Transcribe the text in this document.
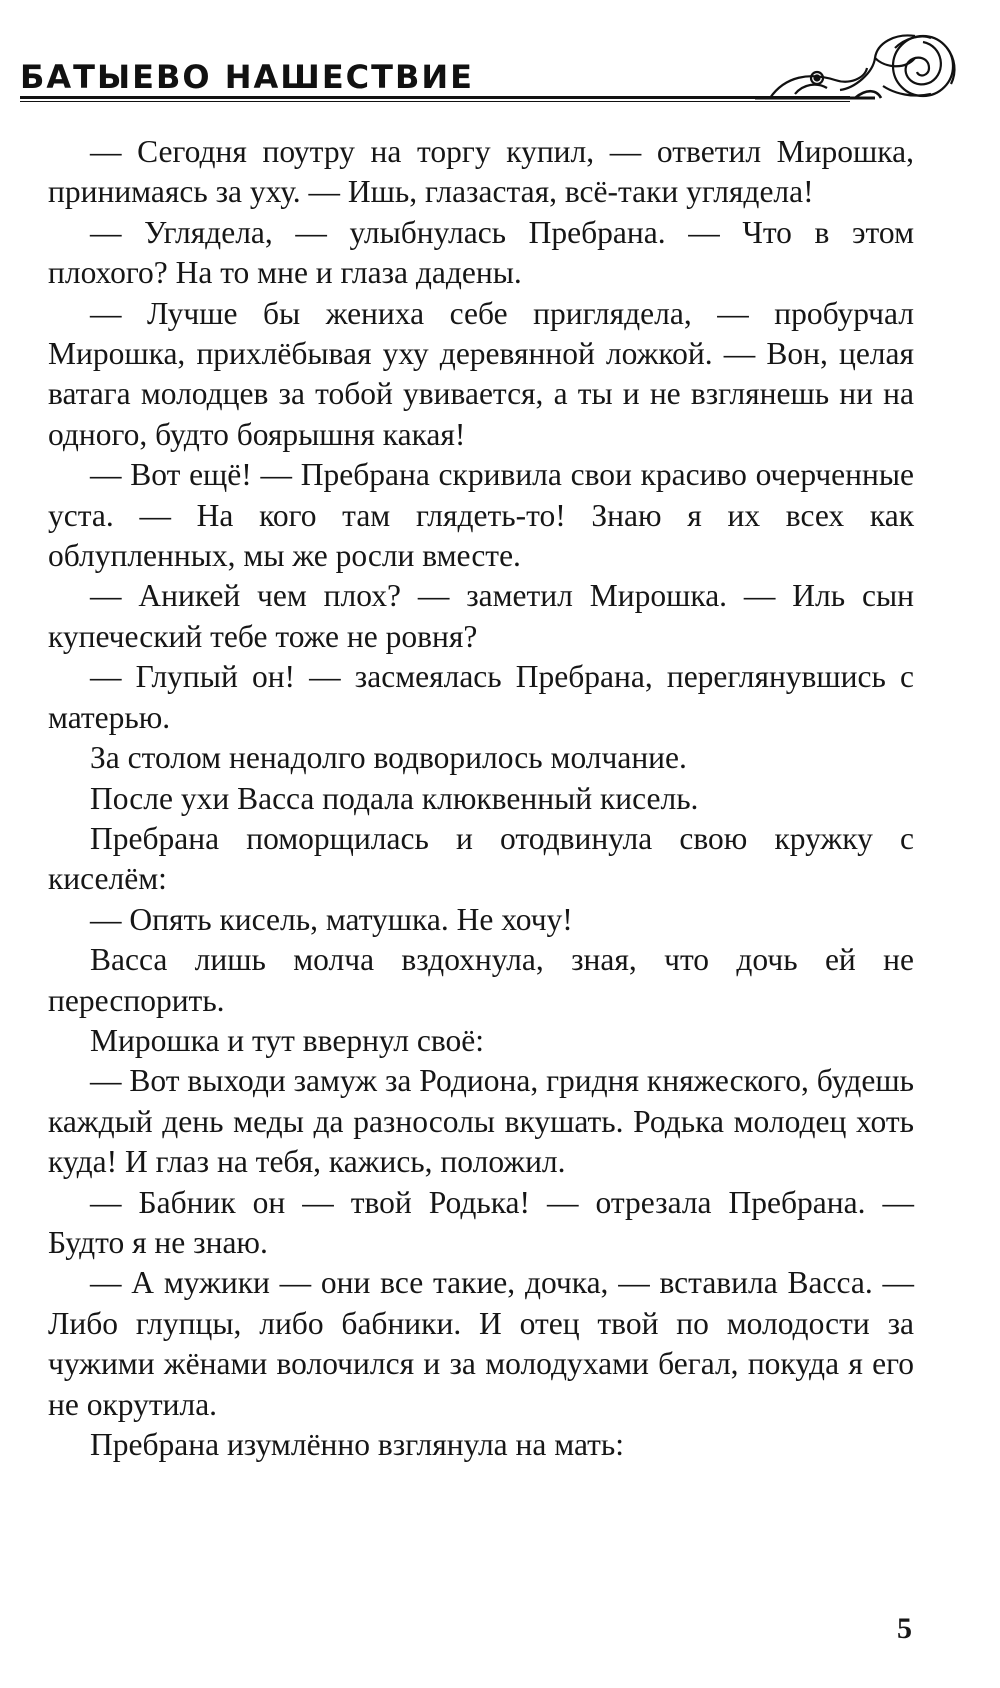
БАТЫЕВО НАШЕСТВИЕ

— Сегодня поутру на торгу купил, — ответил Мирошка, принимаясь за уху. — Ишь, глазастая, всё-таки углядела!

— Углядела, — улыбнулась Пребрана. — Что в этом плохого? На то мне и глаза дадены.

— Лучше бы жениха себе приглядела, — пробурчал Мирошка, прихлёбывая уху деревянной ложкой. — Вон, целая ватага молодцев за тобой увивается, а ты и не взглянешь ни на одного, будто боярышня какая!

— Вот ещё! — Пребрана скривила свои красиво очерченные уста. — На кого там глядеть-то! Знаю я их всех как облупленных, мы же росли вместе.

— Аникей чем плох? — заметил Мирошка. — Иль сын купеческий тебе тоже не ровня?

— Глупый он! — засмеялась Пребрана, переглянувшись с матерью.

За столом ненадолго водворилось молчание.

После ухи Васса подала клюквенный кисель.

Пребрана поморщилась и отодвинула свою кружку с киселём:

— Опять кисель, матушка. Не хочу!

Васса лишь молча вздохнула, зная, что дочь ей не переспорить.

Мирошка и тут ввернул своё:

— Вот выходи замуж за Родиона, гридня княжеского, будешь каждый день меды да разносолы вкушать. Родька молодец хоть куда! И глаз на тебя, кажись, положил.

— Бабник он — твой Родька! — отрезала Пребрана. — Будто я не знаю.

— А мужики — они все такие, дочка, — вставила Васса. — Либо глупцы, либо бабники. И отец твой по молодости за чужими жёнами волочился и за молодухами бегал, покуда я его не окрутила.

Пребрана изумлённо взглянула на мать:

5
